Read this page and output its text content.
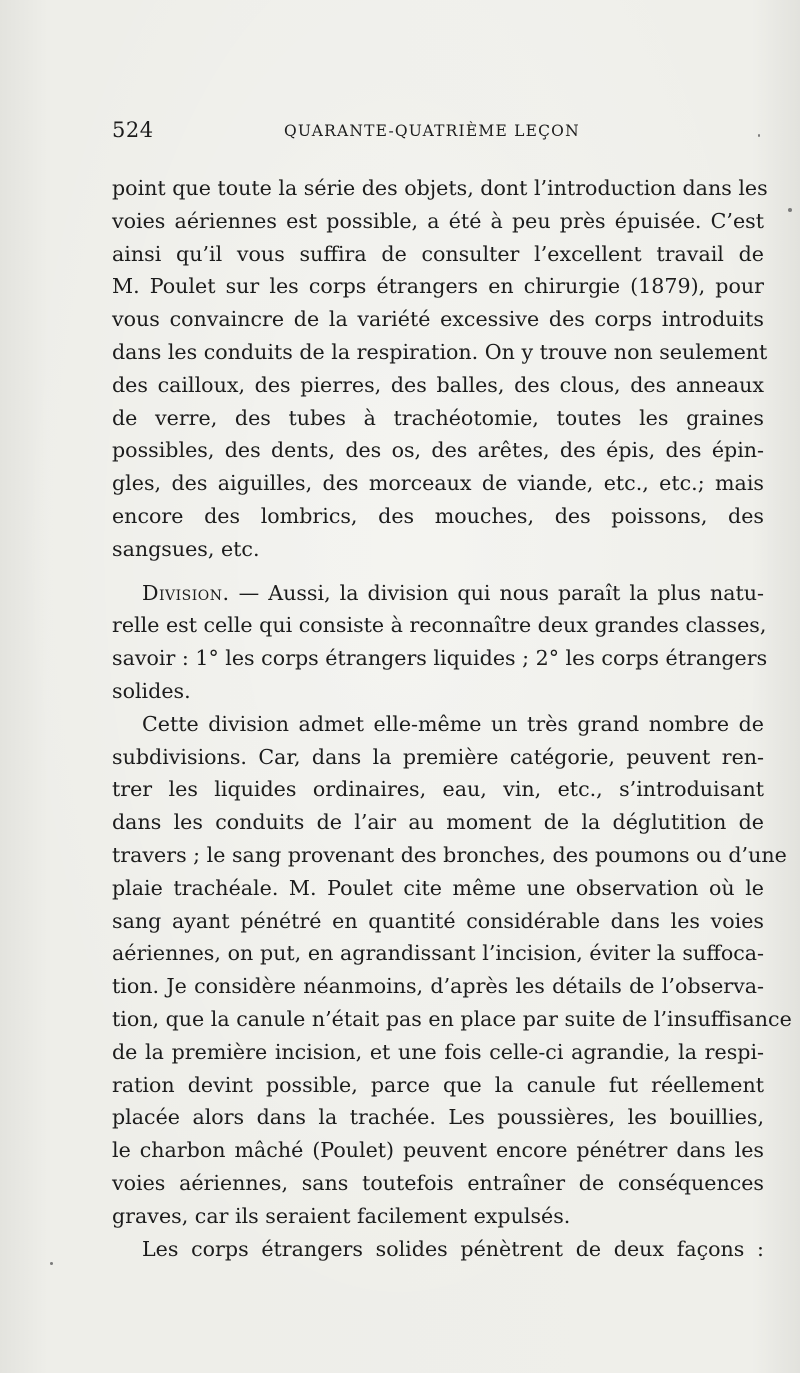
524	QUARANTE-QUATRIÈME LEÇON

point que toute la série des objets, dont l’introduction dans les
voies aériennes est possible, a été à peu près épuisée. C’est
ainsi qu’il vous suffira de consulter l’excellent travail de
M. Poulet sur les corps étrangers en chirurgie (1879), pour
vous convaincre de la variété excessive des corps introduits
dans les conduits de la respiration. On y trouve non seulement
des cailloux, des pierres, des balles, des clous, des anneaux
de verre, des tubes à trachéotomie, toutes les graines
possibles, des dents, des os, des arêtes, des épis, des épin-
gles, des aiguilles, des morceaux de viande, etc., etc.; mais
encore des lombrics, des mouches, des poissons, des
sangsues, etc.

Division. — Aussi, la division qui nous paraît la plus natu-
relle est celle qui consiste à reconnaître deux grandes classes,
savoir : 1° les corps étrangers liquides ; 2° les corps étrangers
solides.

Cette division admet elle-même un très grand nombre de
subdivisions. Car, dans la première catégorie, peuvent ren-
trer les liquides ordinaires, eau, vin, etc., s’introduisant
dans les conduits de l’air au moment de la déglutition de
travers ; le sang provenant des bronches, des poumons ou d’une
plaie trachéale. M. Poulet cite même une observation où le
sang ayant pénétré en quantité considérable dans les voies
aériennes, on put, en agrandissant l’incision, éviter la suffoca-
tion. Je considère néanmoins, d’après les détails de l’observa-
tion, que la canule n’était pas en place par suite de l’insuffisance
de la première incision, et une fois celle-ci agrandie, la respi-
ration devint possible, parce que la canule fut réellement
placée alors dans la trachée. Les poussières, les bouillies,
le charbon mâché (Poulet) peuvent encore pénétrer dans les
voies aériennes, sans toutefois entraîner de conséquences
graves, car ils seraient facilement expulsés.

Les corps étrangers solides pénètrent de deux façons :
